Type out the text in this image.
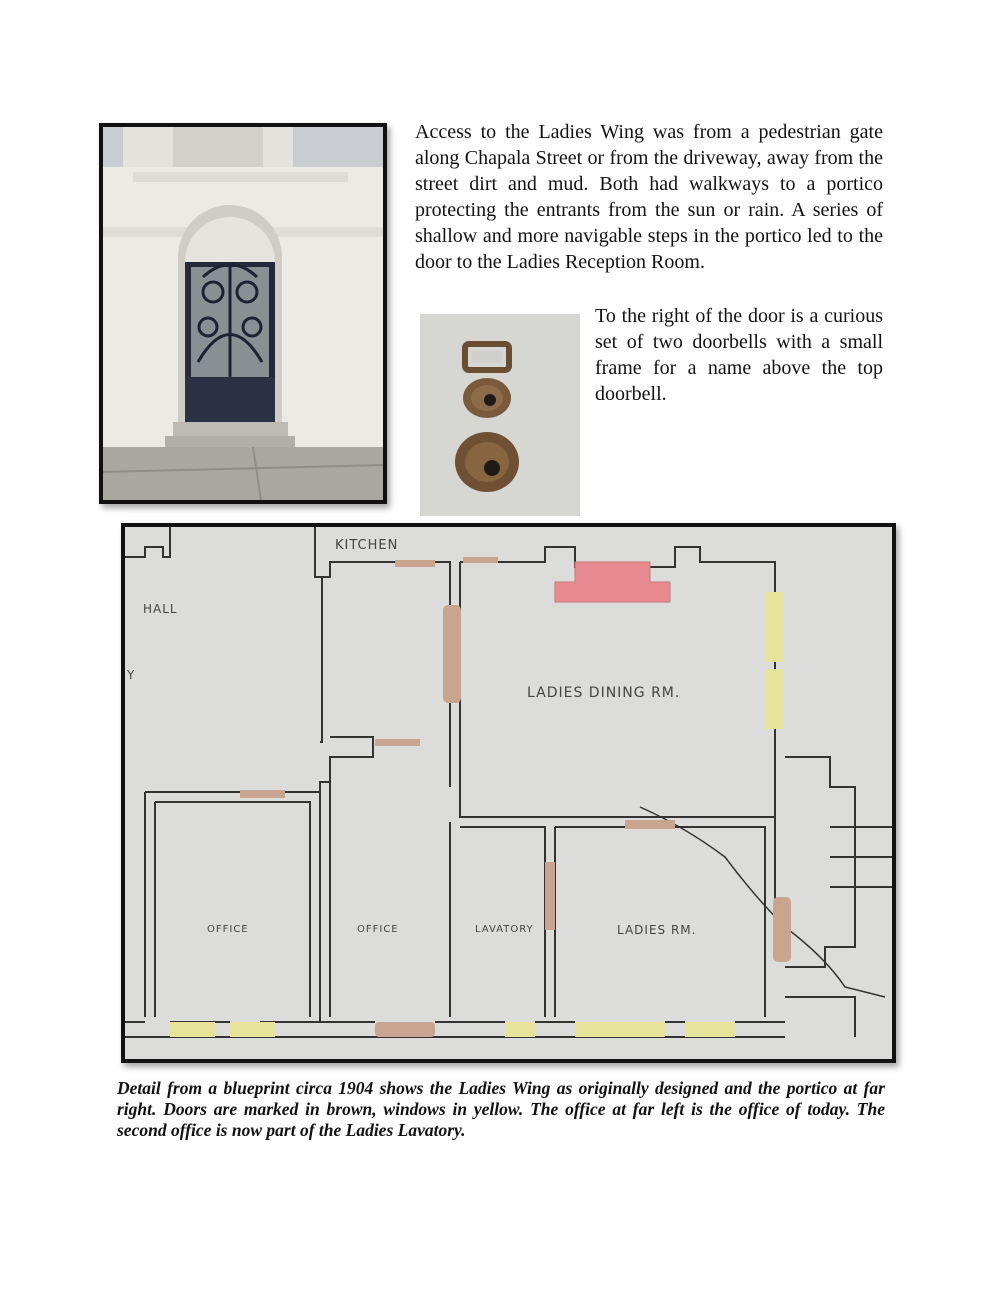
Access to the Ladies Wing was from a pedestrian gate along Chapala Street or from the driveway, away from the street dirt and mud. Both had walkways to a portico protecting the entrants from the sun or rain. A series of shallow and more navigable steps in the portico led to the door to the Ladies Reception Room.

To the right of the door is a curious set of two doorbells with a small frame for a name above the top doorbell.

KITCHEN
HALL
Y
LADIES DINING RM.
OFFICE	OFFICE	LAVATORY	LADIES RM.

Detail from a blueprint circa 1904 shows the Ladies Wing as originally designed and the portico at far right. Doors are marked in brown, windows in yellow. The office at far left is the office of today. The second office is now part of the Ladies Lavatory.
